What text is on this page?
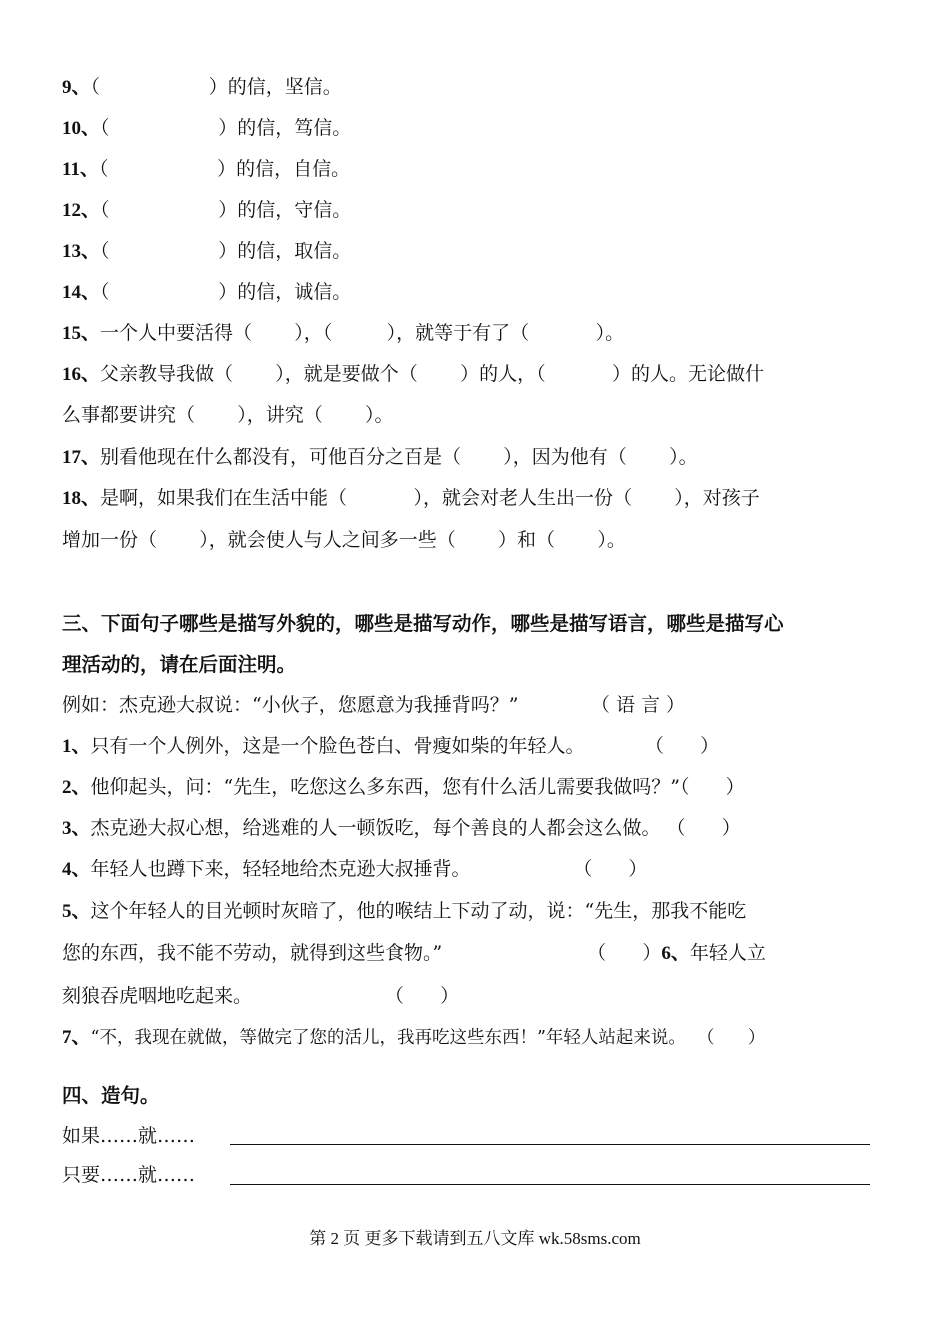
9、（                  ）的信，坚信。
10、（                  ）的信，笃信。
11、（                  ）的信，自信。
12、（                  ）的信，守信。
13、（                  ）的信，取信。
14、（                  ）的信，诚信。
15、一个人中要活得（       ），（         ），就等于有了（           ）。
16、父亲教导我做（       ），就是要做个（       ）的人，（           ）的人。无论做什
么事都要讲究（       ），讲究（       ）。
17、别看他现在什么都没有，可他百分之百是（       ），因为他有（       ）。
18、是啊，如果我们在生活中能（           ），就会对老人生出一份（       ），对孩子
增加一份（       ），就会使人与人之间多一些（       ）和（       ）。
三、下面句子哪些是描写外貌的，哪些是描写动作，哪些是描写语言，哪些是描写心
理活动的，请在后面注明。
例如：杰克逊大叔说：“小伙子，您愿意为我捶背吗？”            （ 语 言 ）
1、只有一个人例外，这是一个脸色苍白、骨瘦如柴的年轻人。          （      ）
2、他仰起头，问：“先生，吃您这么多东西，您有什么活儿需要我做吗？”（      ）
3、杰克逊大叔心想，给逃难的人一顿饭吃，每个善良的人都会这么做。 （      ）
4、年轻人也蹲下来，轻轻地给杰克逊大叔捶背。                 （      ）
5、这个年轻人的目光顿时灰暗了，他的喉结上下动了动，说：“先生，那我不能吃
您的东西，我不能不劳动，就得到这些食物。”                        （      ）6、年轻人立
刻狼吞虎咽地吃起来。                      （      ）
7、“不，我现在就做，等做完了您的活儿，我再吃这些东西！”年轻人站起来说。  （      ）
四、造句。
如果……就……
只要……就……
第 2 页 更多下载请到五八文库 wk.58sms.com
